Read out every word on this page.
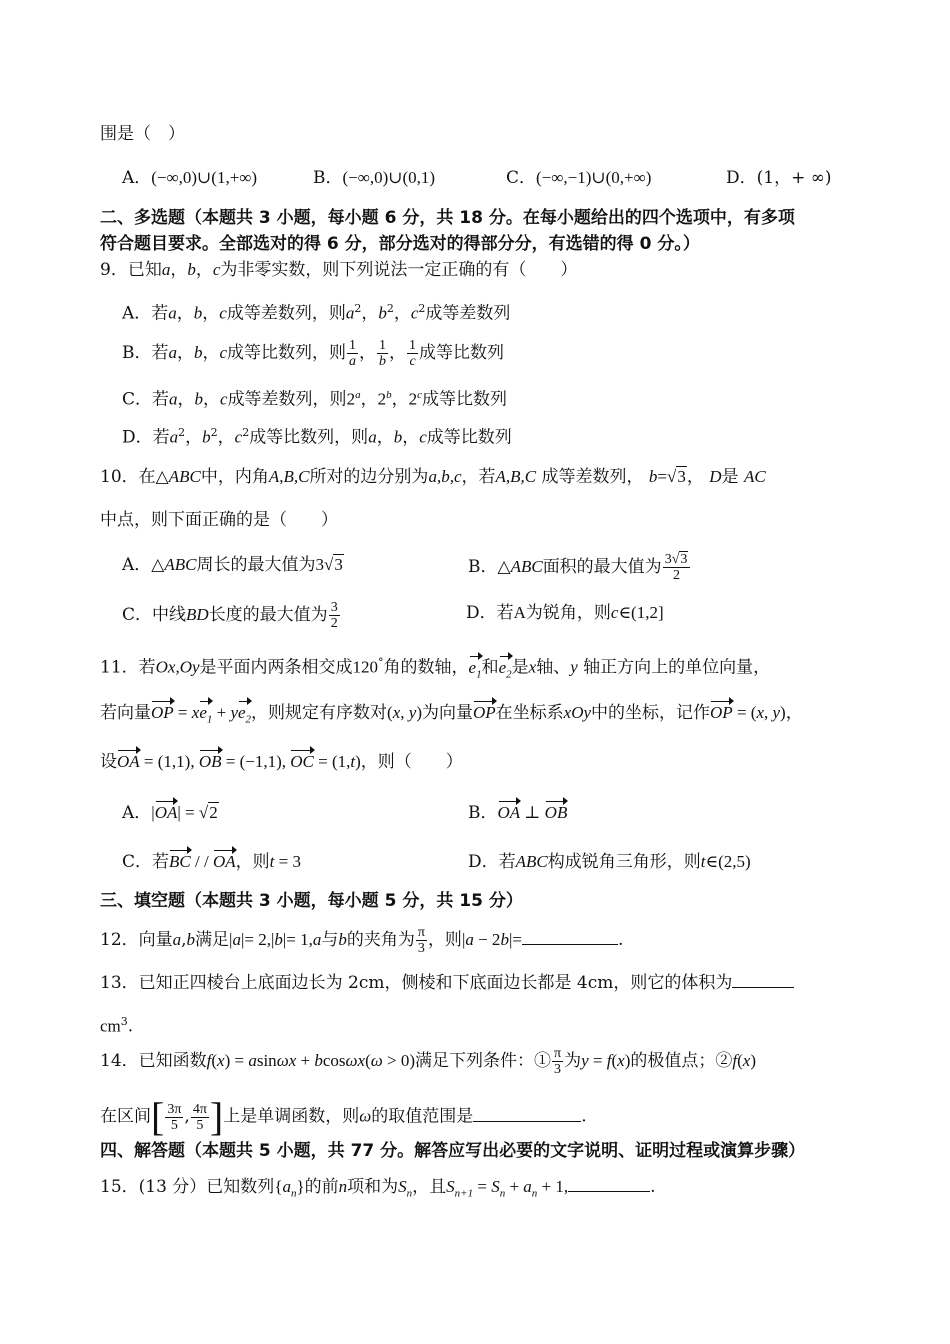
围是（　）
A．(−∞,0)∪(1,+∞)	B．(−∞,0)∪(0,1)	C．(−∞,−1)∪(0,+∞)	D．(1，+ ∞)
二、多选题（本题共 3 小题，每小题 6 分，共 18 分。在每小题给出的四个选项中，有多项
符合题目要求。全部选对的得 6 分，部分选对的得部分分，有选错的得 0 分。）
9．已知a，b，c为非零实数，则下列说法一定正确的有（　　）
A．若a，b，c成等差数列，则$a^2$，$b^2$，$c^2$成等差数列
B．若a，b，c成等比数列，则 $\frac{1}{a}$ ， $\frac{1}{b}$ ， $\frac{1}{c}$ 成等比数列
C．若a，b，c成等差数列，则2$^a$，2$^b$，2$^c$成等比数列
D．若$a^2$，$b^2$，$c^2$成等比数列，则a，b，c成等比数列
10．在△ABC中，内角A,B,C所对的边分别为a,b,c，若A,B,C 成等差数列， b=√3， D是 AC
中点，则下面正确的是（　　）
A．△ABC周长的最大值为3√3	B．△ABC面积的最大值为 $\frac{3√3}{2}$
C．中线BD长度的最大值为 $\frac{3}{2}$	D．若A为锐角，则c∈(1,2]
11．若Ox,Oy是平面内两条相交成120°角的数轴，$e_1$和$e_2$是x轴、y 轴正方向上的单位向量，
若向量OP = $xe_1 + ye_2$，则规定有序数对(x, y)为向量OP在坐标系xOy中的坐标，记作OP = (x, y)，
设OA = (1,1), OB = (−1,1), OC = (1,t)，则（　　）
A．|OA| = √2	B．OA ⊥ OB
C．若BC / / OA，则t = 3	D．若ABC构成锐角三角形，则t∈(2,5)
三、填空题（本题共 3 小题，每小题 5 分，共 15 分）
12．向量a,b满足|a|= 2,|b|= 1,a与b的夹角为 $\frac{\pi}{3}$ ，则|a − 2b|=	.
13．已知正四棱台上底面边长为 2cm，侧棱和下底面边长都是 4cm，则它的体积为
$cm^3$.
14．已知函数f(x) = asinωx + bcosωx(ω > 0)满足下列条件：① $\frac{\pi}{3}$ 为y = f(x)的极值点；②f(x)
在区间[ $\frac{3\pi}{5}$ , $\frac{4\pi}{5}$ ]上是单调函数，则ω的取值范围是	.
四、解答题（本题共 5 小题，共 77 分。解答应写出必要的文字说明、证明过程或演算步骤）
15．(13 分）已知数列$\{a_n\}$的前n项和为$S_n$，且$S_{n+1} = S_n + a_n + 1$,	.
